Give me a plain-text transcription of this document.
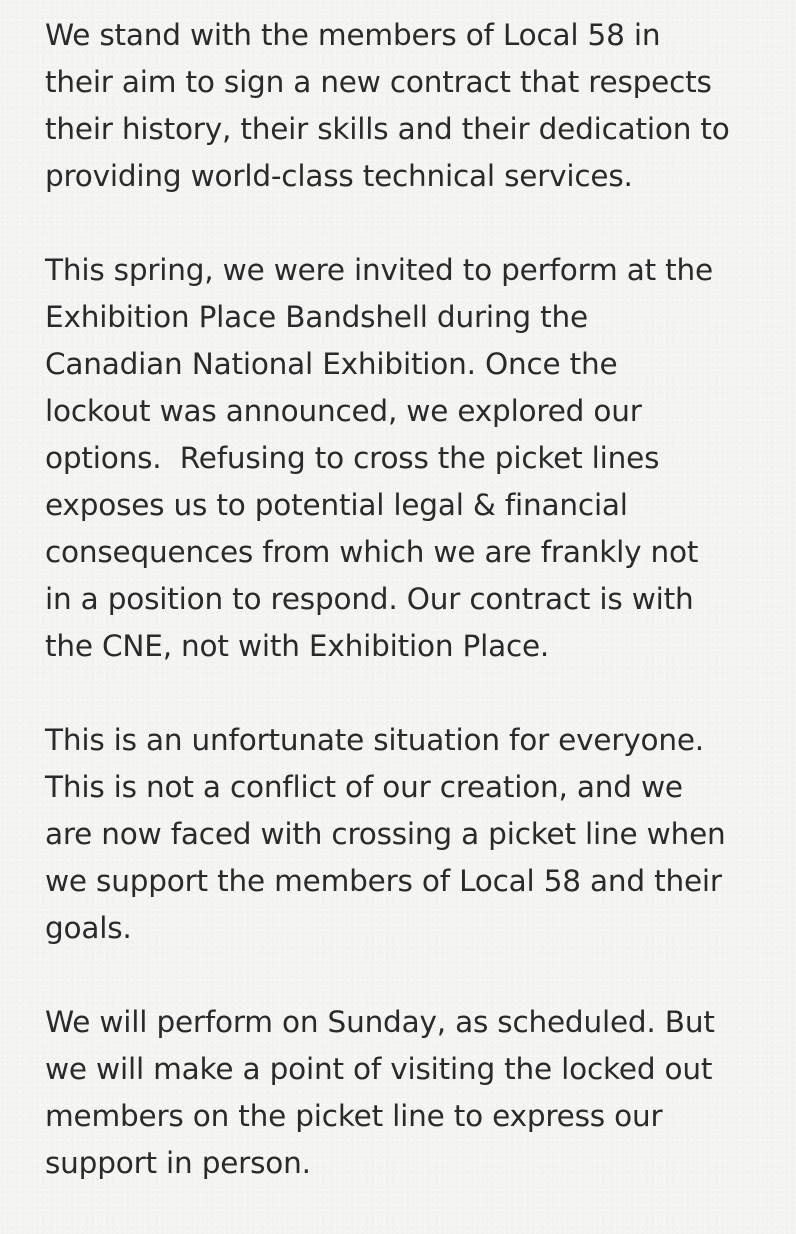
We stand with the members of Local 58 in
their aim to sign a new contract that respects
their history, their skills and their dedication to
providing world-class technical services.

This spring, we were invited to perform at the
Exhibition Place Bandshell during the
Canadian National Exhibition. Once the
lockout was announced, we explored our
options.  Refusing to cross the picket lines
exposes us to potential legal & financial
consequences from which we are frankly not
in a position to respond. Our contract is with
the CNE, not with Exhibition Place.

This is an unfortunate situation for everyone.
This is not a conflict of our creation, and we
are now faced with crossing a picket line when
we support the members of Local 58 and their
goals.

We will perform on Sunday, as scheduled. But
we will make a point of visiting the locked out
members on the picket line to express our
support in person.
